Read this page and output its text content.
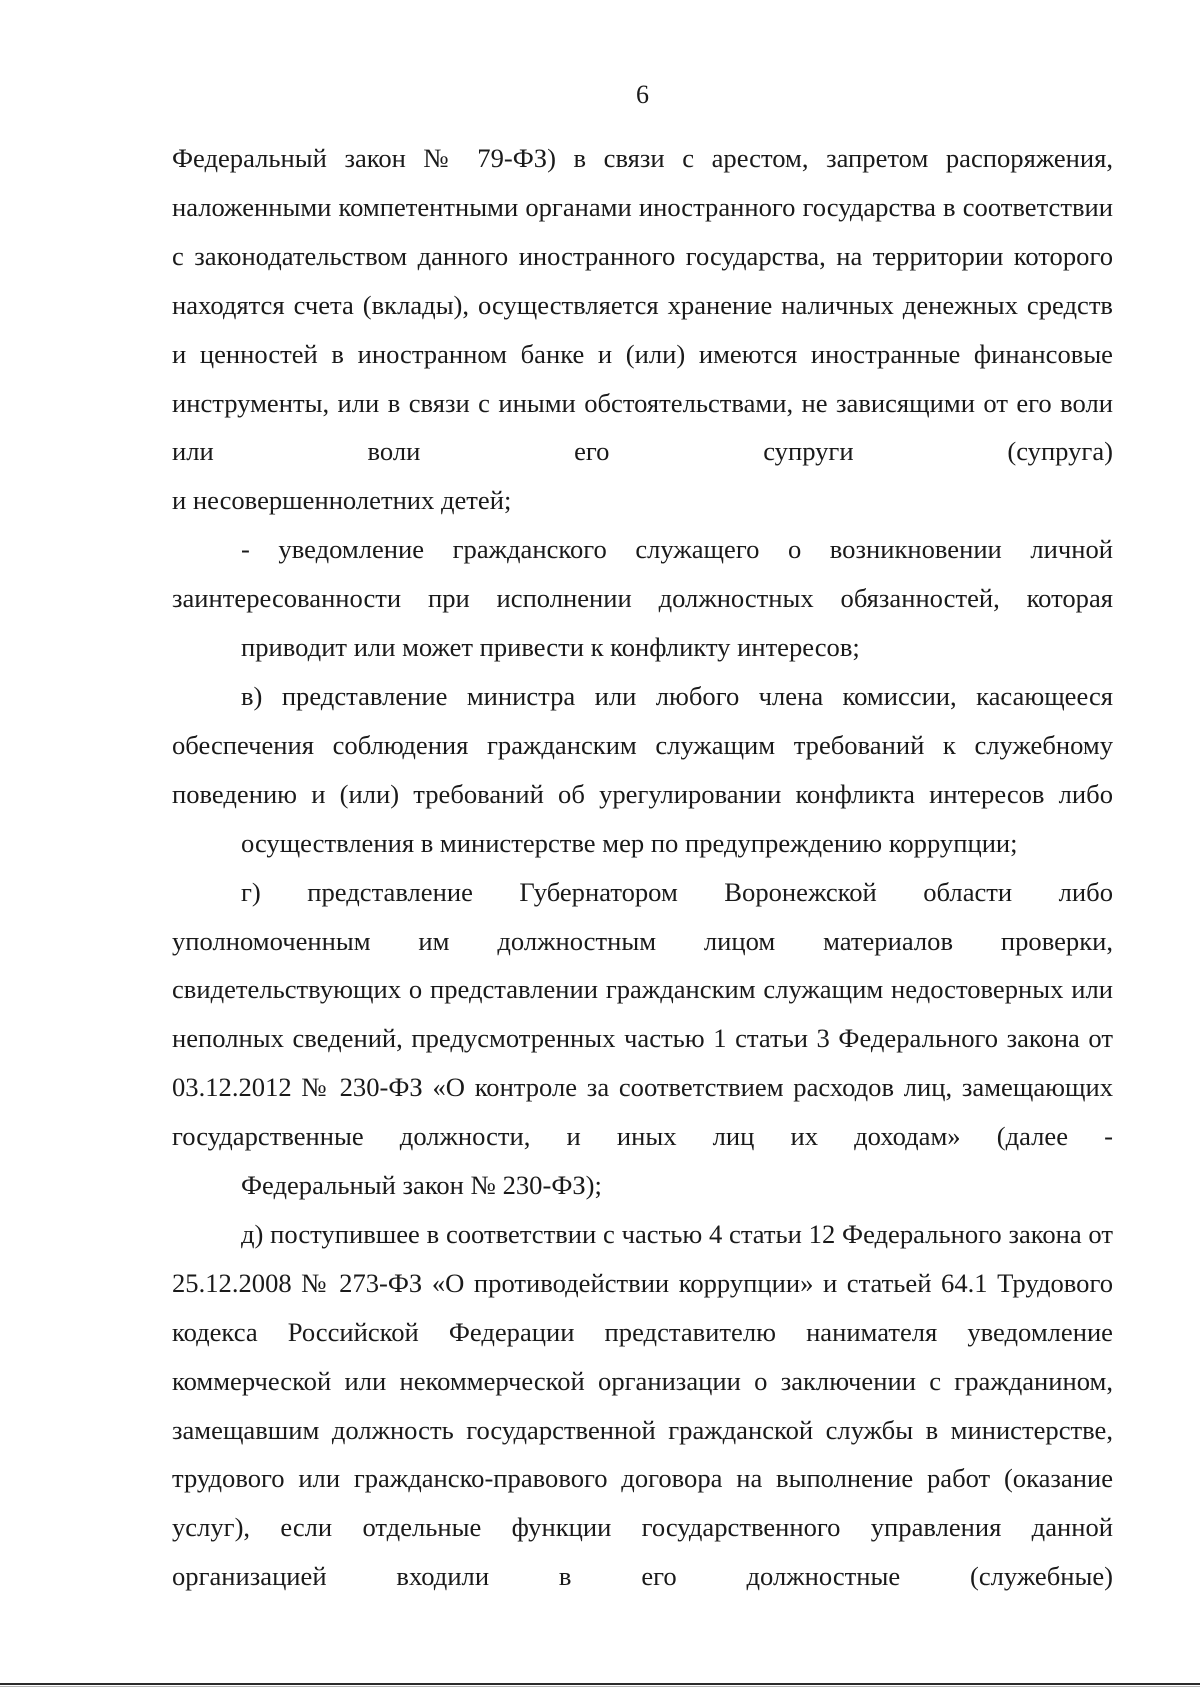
6

Федеральный закон № 79-ФЗ) в связи с арестом, запретом распоряжения, наложенными компетентными органами иностранного государства в соответствии с законодательством данного иностранного государства, на территории которого находятся счета (вклады), осуществляется хранение наличных денежных средств и ценностей в иностранном банке и (или) имеются иностранные финансовые инструменты, или в связи с иными обстоятельствами, не зависящими от его воли или воли его супруги (супруга)
и несовершеннолетних детей;

- уведомление гражданского служащего о возникновении личной заинтересованности при исполнении должностных обязанностей, которая
приводит или может привести к конфликту интересов;

в) представление министра или любого члена комиссии, касающееся обеспечения соблюдения гражданским служащим требований к служебному поведению и (или) требований об урегулировании конфликта интересов либо
осуществления в министерстве мер по предупреждению коррупции;

г) представление Губернатором Воронежской области либо уполномоченным им должностным лицом материалов проверки, свидетельствующих о представлении гражданским служащим недостоверных или неполных сведений, предусмотренных частью 1 статьи 3 Федерального закона от 03.12.2012 № 230-ФЗ «О контроле за соответствием расходов лиц, замещающих государственные должности, и иных лиц их доходам» (далее -
Федеральный закон № 230-ФЗ);

д) поступившее в соответствии с частью 4 статьи 12 Федерального закона от 25.12.2008 № 273-ФЗ «О противодействии коррупции» и статьей 64.1 Трудового кодекса Российской Федерации представителю нанимателя уведомление коммерческой или некоммерческой организации о заключении с гражданином, замещавшим должность государственной гражданской службы в министерстве, трудового или гражданско-правового договора на выполнение работ (оказание услуг), если отдельные функции государственного управления данной организацией входили в его должностные (служебные)
